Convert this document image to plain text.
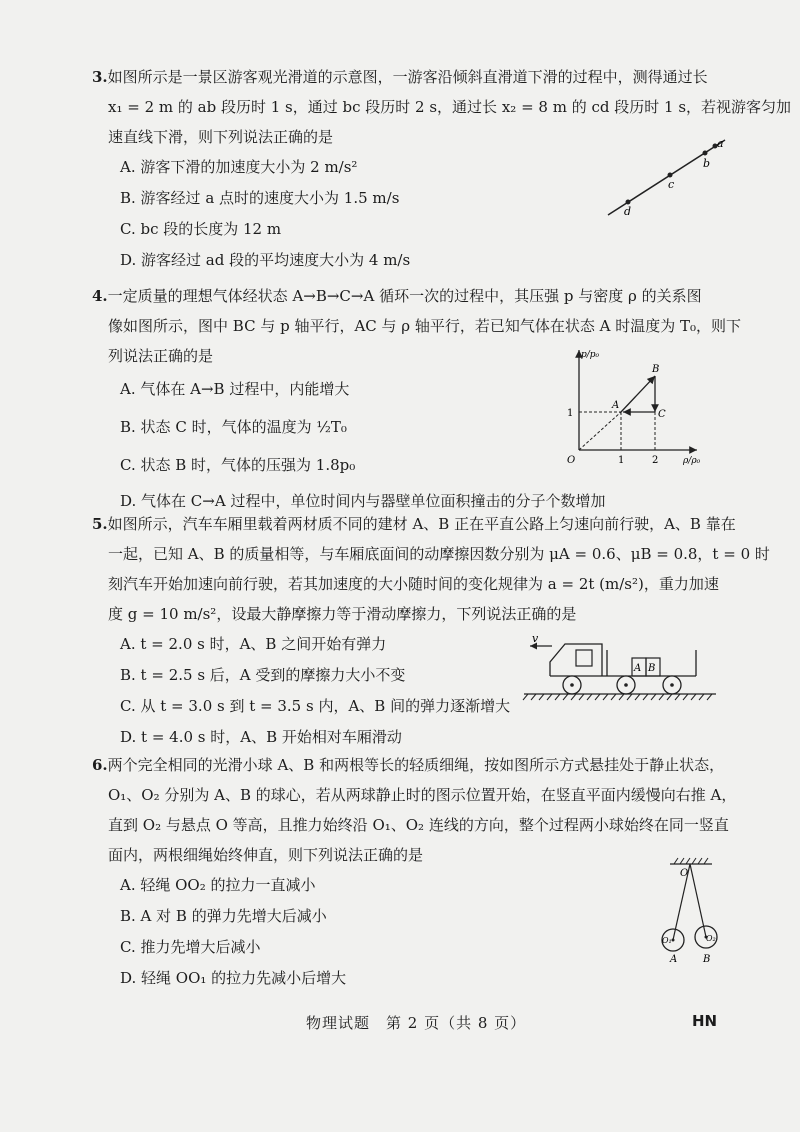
3.如图所示是一景区游客观光滑道的示意图，一游客沿倾斜直滑道下滑的过程中，测得通过长
x₁ = 2 m 的 ab 段历时 1 s，通过 bc 段历时 2 s，通过长 x₂ = 8 m 的 cd 段历时 1 s，若视游客匀加
速直线下滑，则下列说法正确的是
A. 游客下滑的加速度大小为 2 m/s²
B. 游客经过 a 点时的速度大小为 1.5 m/s
C. bc 段的长度为 12 m
D. 游客经过 ad 段的平均速度大小为 4 m/s
a
b
c
d
4.一定质量的理想气体经状态 A→B→C→A 循环一次的过程中，其压强 p 与密度 ρ 的关系图
像如图所示，图中 BC 与 p 轴平行，AC 与 ρ 轴平行，若已知气体在状态 A 时温度为 T₀，则下
列说法正确的是
A. 气体在 A→B 过程中，内能增大
B. 状态 C 时，气体的温度为 ½T₀
C. 状态 B 时，气体的压强为 1.8p₀
D. 气体在 C→A 过程中，单位时间内与器壁单位面积撞击的分子个数增加
p/p₀
ρ/ρ₀
O	1	2
1
A
B
C
5.如图所示，汽车车厢里载着两材质不同的建材 A、B 正在平直公路上匀速向前行驶，A、B 靠在
一起，已知 A、B 的质量相等，与车厢底面间的动摩擦因数分别为 μA = 0.6、μB = 0.8，t = 0 时
刻汽车开始加速向前行驶，若其加速度的大小随时间的变化规律为 a = 2t (m/s²)，重力加速
度 g = 10 m/s²，设最大静摩擦力等于滑动摩擦力，下列说法正确的是
A. t = 2.0 s 时，A、B 之间开始有弹力
B. t = 2.5 s 后，A 受到的摩擦力大小不变
C. 从 t = 3.0 s 到 t = 3.5 s 内，A、B 间的弹力逐渐增大
D. t = 4.0 s 时，A、B 开始相对车厢滑动
v
A B
6.两个完全相同的光滑小球 A、B 和两根等长的轻质细绳，按如图所示方式悬挂处于静止状态，
O₁、O₂ 分别为 A、B 的球心，若从两球静止时的图示位置开始，在竖直平面内缓慢向右推 A，
直到 O₂ 与悬点 O 等高，且推力始终沿 O₁、O₂ 连线的方向，整个过程两小球始终在同一竖直
面内，两根细绳始终伸直，则下列说法正确的是
A. 轻绳 OO₂ 的拉力一直减小
B. A 对 B 的弹力先增大后减小
C. 推力先增大后减小
D. 轻绳 OO₁ 的拉力先减小后增大
O
O₁	O₂
A	B
物理试题　第 2 页（共 8 页）	HN
